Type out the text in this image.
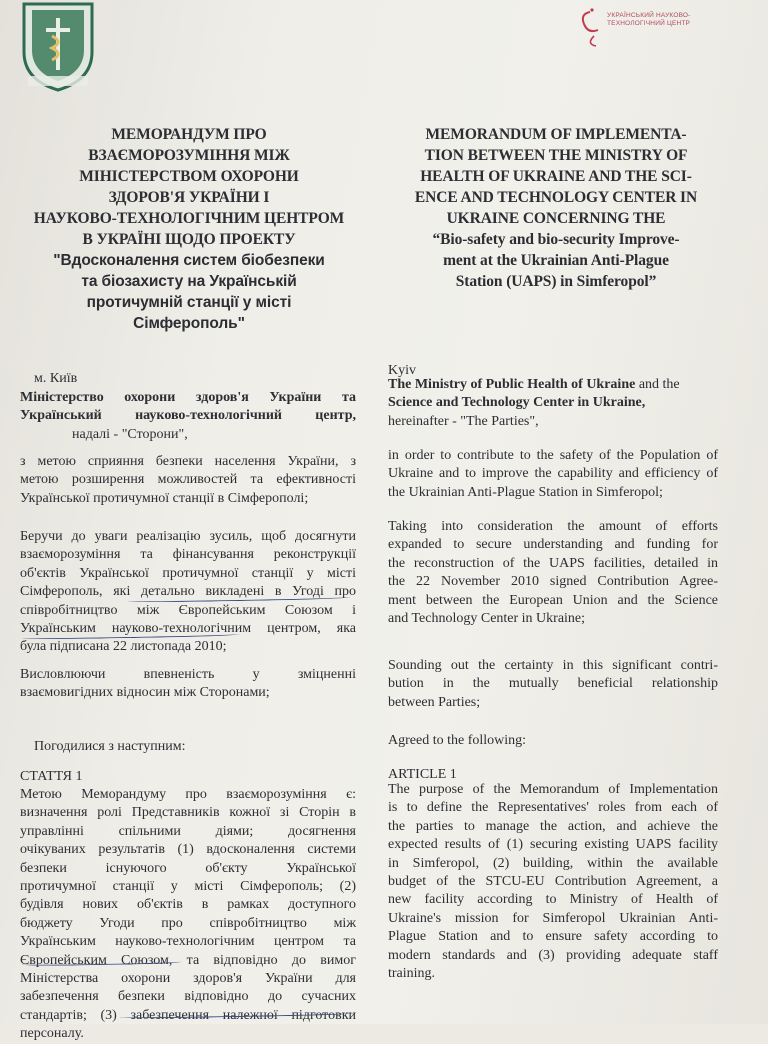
УКРАЇНСЬКИЙ НАУКОВО-
ТЕХНОЛОГІЧНИЙ ЦЕНТР
МЕМОРАНДУМ ПРО
ВЗАЄМОРОЗУМІННЯ МІЖ
МІНІСТЕРСТВОМ ОХОРОНИ
ЗДОРОВ'Я УКРАЇНИ І
НАУКОВО-ТЕХНОЛОГІЧНИМ ЦЕНТРОМ
В УКРАЇНІ ЩОДО ПРОЕКТУ
"Вдосконалення систем біобезпеки
та біозахисту на Українській
протичумній станції у місті
Сімферополь"
MEMORANDUM OF IMPLEMENTA-
TION BETWEEN THE MINISTRY OF
HEALTH OF UKRAINE AND THE SCI-
ENCE AND TECHNOLOGY CENTER IN
UKRAINE CONCERNING THE
“Bio-safety and bio-security Improve-
ment at the Ukrainian Anti-Plague
Station (UAPS) in Simferopol”
м. Київ
Міністерство охорони здоров'я України та
Український науково-технологічний центр,
надалі - "Сторони",
з метою сприяння безпеки населення України, з
метою розширення можливостей та ефективності
Української протичумної станції в Сімферополі;
Беручи до уваги реалізацію зусиль, щоб досягнути
взаєморозуміння та фінансування реконструкції
об'єктів Української протичумної станції у місті
Сімферополь, які детально викладені в Угоді про
співробітництво між Європейським Союзом і
Українським науково-технологічним центром, яка
була підписана 22 листопада 2010;
Висловлюючи впевненість у зміцненні
взаємовигідних відносин між Сторонами;
Погодилися з наступним:
СТАТТЯ 1
Метою Меморандуму про взаєморозуміння є:
визначення ролі Представників кожної зі Сторін в
управлінні спільними діями; досягнення
очікуваних результатів (1) вдосконалення системи
безпеки існуючого об'єкту Української
протичумної станції у місті Сімферополь; (2)
будівля нових об'єктів в рамках доступного
бюджету Угоди про співробітництво між
Українським науково-технологічним центром та
Європейським Союзом, та відповідно до вимог
Міністерства охорони здоров'я України для
забезпечення безпеки відповідно до сучасних
стандартів; (3) забезпечення належної підготовки
персоналу.
Kyiv
The Ministry of Public Health of Ukraine and the
Science and Technology Center in Ukraine,
hereinafter - "The Parties",
in order to contribute to the safety of the Population of
Ukraine and to improve the capability and efficiency of
the Ukrainian Anti-Plague Station in Simferopol;
Taking into consideration the amount of efforts
expanded to secure understanding and funding for
the reconstruction of the UAPS facilities, detailed in
the 22 November 2010 signed Contribution Agree-
ment between the European Union and the Science
and Technology Center in Ukraine;
Sounding out the certainty in this significant contri-
bution in the mutually beneficial relationship
between Parties;
Agreed to the following:
ARTICLE 1
The purpose of the Memorandum of Implementation
is to define the Representatives' roles from each of
the parties to manage the action, and achieve the
expected results of (1) securing existing UAPS facility
in Simferopol, (2) building, within the available
budget of the STCU-EU Contribution Agreement, a
new facility according to Ministry of Health of
Ukraine's mission for Simferopol Ukrainian Anti-
Plague Station and to ensure safety according to
modern standards and (3) providing adequate staff
training.
